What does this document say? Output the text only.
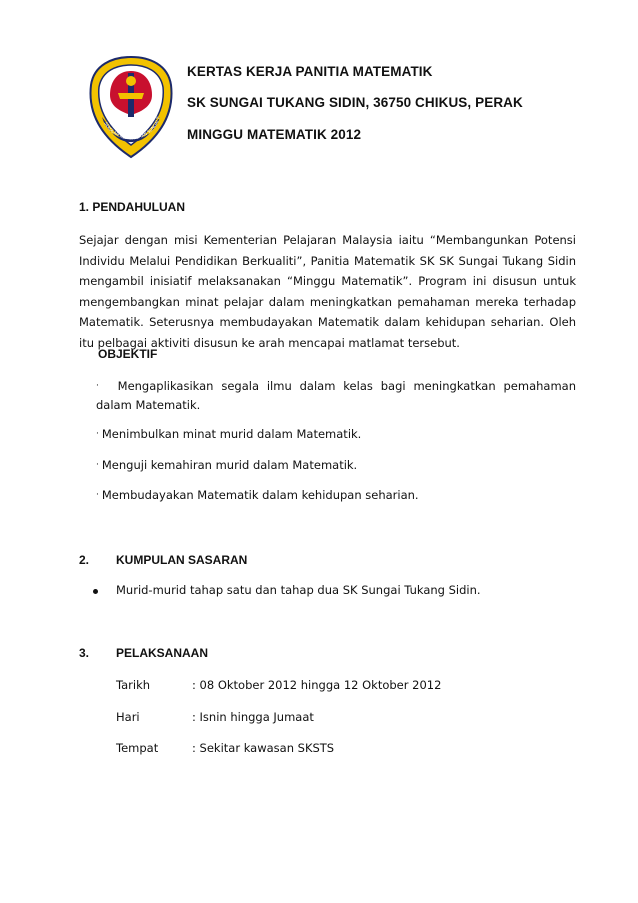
SEKOLAH KEBANGSAAN SUNGAI T
KERTAS KERJA PANITIA MATEMATIK
SK SUNGAI TUKANG SIDIN, 36750 CHIKUS, PERAK
MINGGU MATEMATIK 2012
1. PENDAHULUAN
Sejajar dengan misi Kementerian Pelajaran Malaysia iaitu “Membangunkan Potensi Individu Melalui Pendidikan Berkualiti”, Panitia Matematik SK SK Sungai Tukang Sidin mengambil inisiatif melaksanakan “Minggu Matematik”. Program ini disusun untuk mengembangkan minat pelajar dalam meningkatkan pemahaman mereka terhadap Matematik. Seterusnya membudayakan Matematik dalam kehidupan seharian. Oleh itu pelbagai aktiviti disusun ke arah mencapai matlamat tersebut.
OBJEKTIF
· Mengaplikasikan segala ilmu dalam kelas bagi meningkatkan pemahaman dalam Matematik.
· Menimbulkan minat murid dalam Matematik.
· Menguji kemahiran murid dalam Matematik.
· Membudayakan Matematik dalam kehidupan seharian.
2. KUMPULAN SASARAN
Murid-murid tahap satu dan tahap dua SK Sungai Tukang Sidin.
3. PELAKSANAAN
Tarikh	: 08 Oktober 2012 hingga 12 Oktober 2012
Hari	: Isnin hingga Jumaat
Tempat	: Sekitar kawasan SKSTS
